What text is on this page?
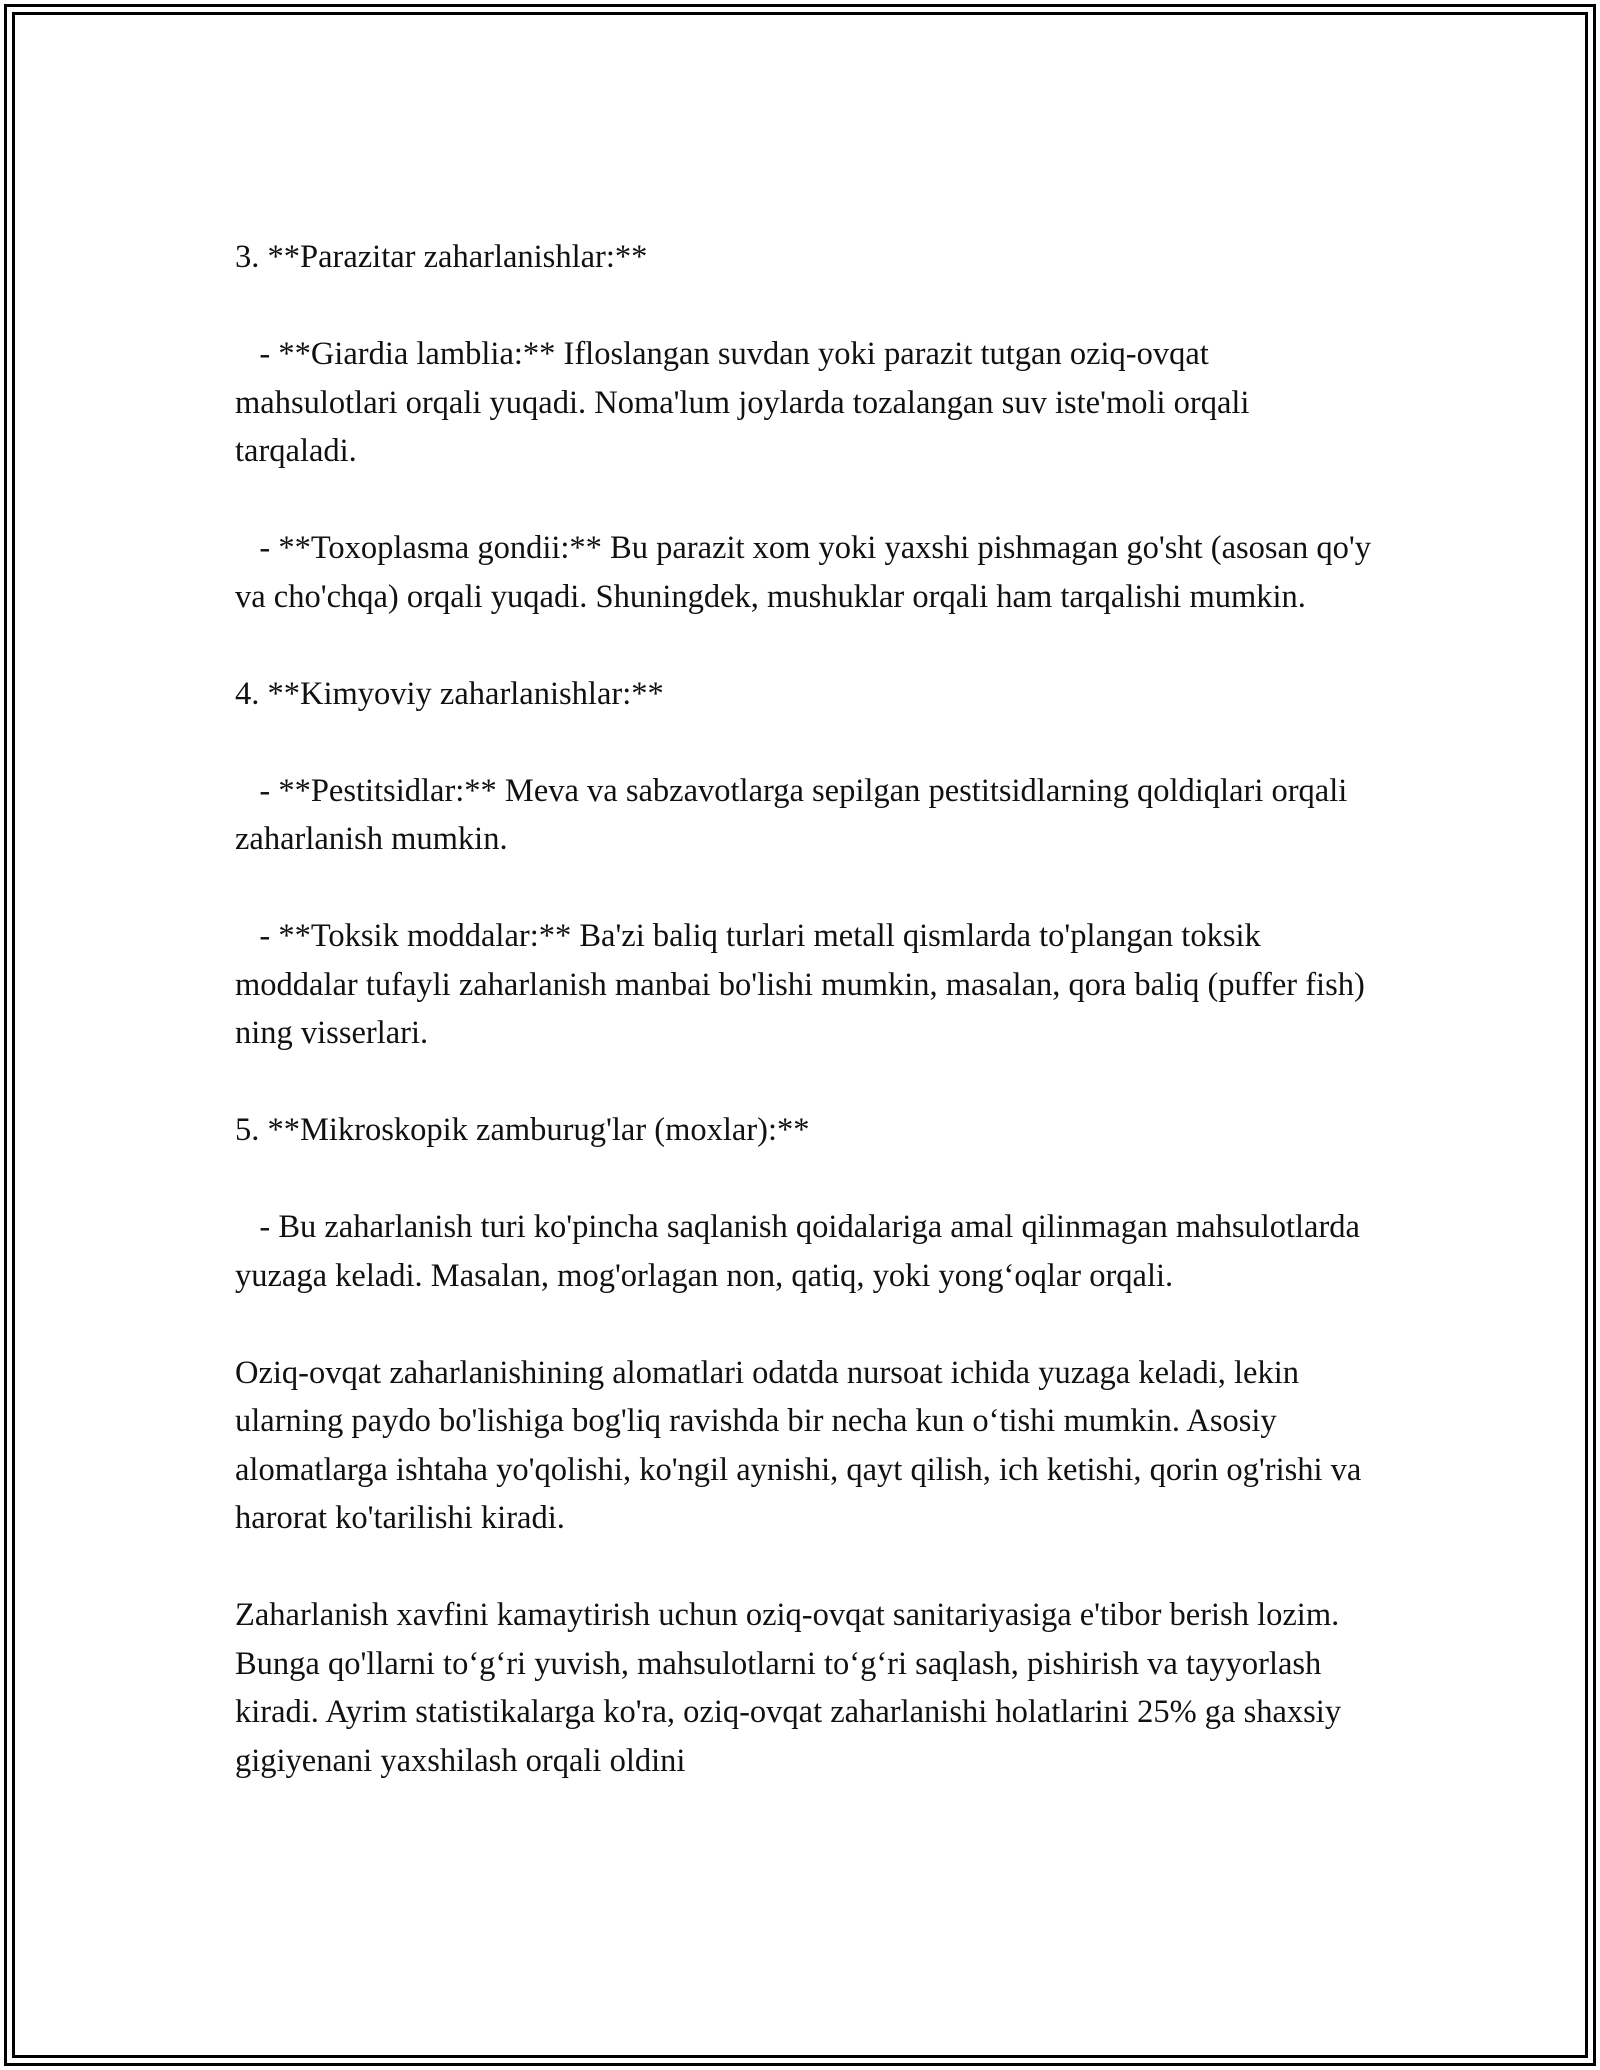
3. **Parazitar zaharlanishlar:**

- **Giardia lamblia:** Ifloslangan suvdan yoki parazit tutgan oziq-ovqat mahsulotlari orqali yuqadi. Noma'lum joylarda tozalangan suv iste'moli orqali tarqaladi.

- **Toxoplasma gondii:** Bu parazit xom yoki yaxshi pishmagan go'sht (asosan qo'y va cho'chqa) orqali yuqadi. Shuningdek, mushuklar orqali ham tarqalishi mumkin.

4. **Kimyoviy zaharlanishlar:**

- **Pestitsidlar:** Meva va sabzavotlarga sepilgan pestitsidlarning qoldiqlari orqali zaharlanish mumkin.

- **Toksik moddalar:** Ba'zi baliq turlari metall qismlarda to'plangan toksik moddalar tufayli zaharlanish manbai bo'lishi mumkin, masalan, qora baliq (puffer fish) ning visserlari.

5. **Mikroskopik zamburug'lar (moxlar):**

- Bu zaharlanish turi ko'pincha saqlanish qoidalariga amal qilinmagan mahsulotlarda yuzaga keladi. Masalan, mog'orlagan non, qatiq, yoki yong‘oqlar orqali.

Oziq-ovqat zaharlanishining alomatlari odatda nursoat ichida yuzaga keladi, lekin ularning paydo bo'lishiga bog'liq ravishda bir necha kun o‘tishi mumkin. Asosiy alomatlarga ishtaha yo'qolishi, ko'ngil aynishi, qayt qilish, ich ketishi, qorin og'rishi va harorat ko'tarilishi kiradi.

Zaharlanish xavfini kamaytirish uchun oziq-ovqat sanitariyasiga e'tibor berish lozim. Bunga qo'llarni to‘g‘ri yuvish, mahsulotlarni to‘g‘ri saqlash, pishirish va tayyorlash kiradi. Ayrim statistikalarga ko'ra, oziq-ovqat zaharlanishi holatlarini 25% ga shaxsiy gigiyenani yaxshilash orqali oldini
